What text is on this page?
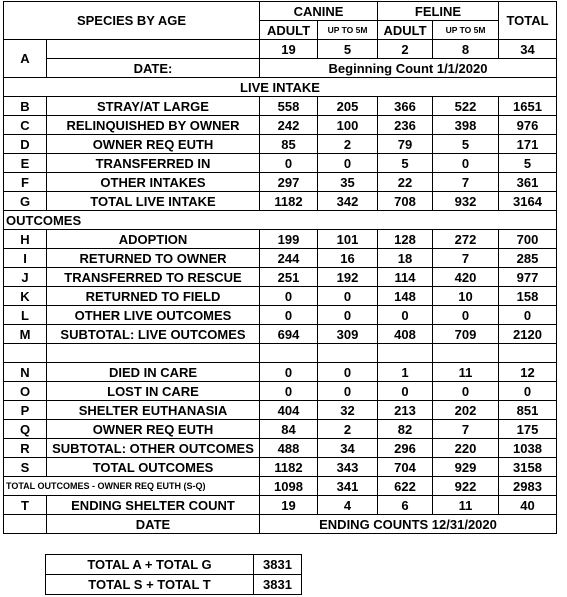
SPECIES BY AGE		CANINE		FELINE		TOTAL
		ADULT	UP TO 5M	ADULT	UP TO 5M	
A		19	5	2	8	34
	DATE:	Beginning Count 1/1/2020				
LIVE INTAKE						
B	STRAY/AT LARGE	558	205	366	522	1651
C	RELINQUISHED BY OWNER	242	100	236	398	976
D	OWNER REQ EUTH	85	2	79	5	171
E	TRANSFERRED IN	0	0	5	0	5
F	OTHER INTAKES	297	35	22	7	361
G	TOTAL LIVE INTAKE	1182	342	708	932	3164
OUTCOMES						
H	ADOPTION	199	101	128	272	700
I	RETURNED TO OWNER	244	16	18	7	285
J	TRANSFERRED TO RESCUE	251	192	114	420	977
K	RETURNED TO FIELD	0	0	148	10	158
L	OTHER LIVE OUTCOMES	0	0	0	0	0
M	SUBTOTAL: LIVE OUTCOMES	694	309	408	709	2120

N	DIED IN CARE	0	0	1	11	12
O	LOST IN CARE	0	0	0	0	0
P	SHELTER EUTHANASIA	404	32	213	202	851
Q	OWNER REQ EUTH	84	2	82	7	175
R	SUBTOTAL: OTHER OUTCOMES	488	34	296	220	1038
S	TOTAL OUTCOMES	1182	343	704	929	3158
TOTAL OUTCOMES - OWNER REQ EUTH (S-Q)		1098	341	622	922	2983
T	ENDING SHELTER COUNT	19	4	6	11	40
	DATE	ENDING COUNTS 12/31/2020				
TOTAL A + TOTAL G	3831
TOTAL S + TOTAL T	3831
